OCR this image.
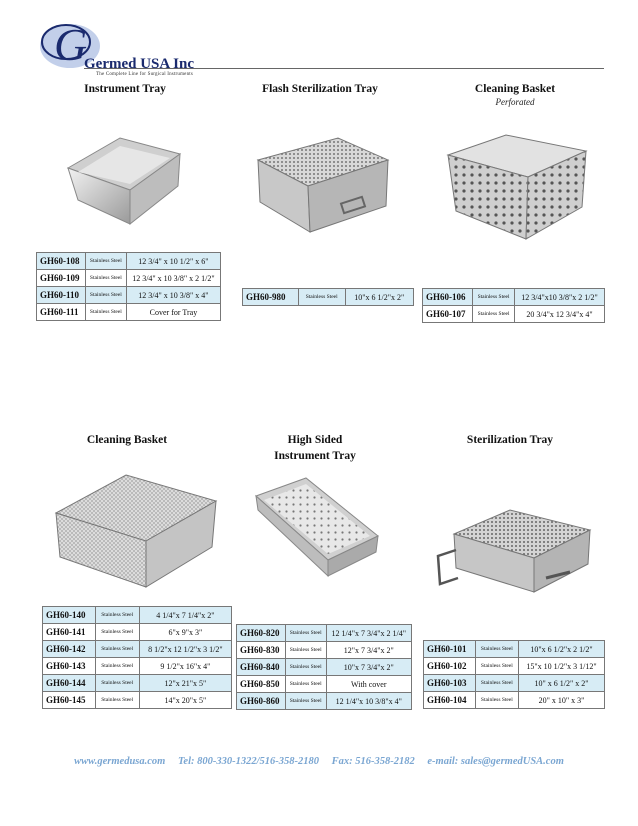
G
Germed USA Inc
The Complete Line for Surgical Instruments
Instrument Tray
GH60-108	Stainless Steel	12 3/4" x 10 1/2" x 6"
GH60-109	Stainless Steel	12 3/4" x 10 3/8" x 2 1/2"
GH60-110	Stainless Steel	12 3/4" x 10 3/8" x 4"
GH60-111	Stainless Steel	Cover for Tray
Flash Sterilization Tray
GH60-980	Stainless Steel	10"x 6 1/2"x 2"
Cleaning Basket
Perforated
GH60-106	Stainless Steel	12 3/4"x10 3/8"x 2 1/2"
GH60-107	Stainless Steel	20 3/4"x 12 3/4"x 4"
Cleaning Basket
GH60-140	Stainless Steel	4 1/4"x 7 1/4"x 2"
GH60-141	Stainless Steel	6"x 9"x 3"
GH60-142	Stainless Steel	8 1/2"x 12 1/2"x 3 1/2"
GH60-143	Stainless Steel	9 1/2"x 16"x 4"
GH60-144	Stainless Steel	12"x 21"x 5"
GH60-145	Stainless Steel	14"x 20"x 5"
High Sided
Instrument Tray
GH60-820	Stainless Steel	12 1/4"x 7 3/4"x 2 1/4"
GH60-830	Stainless Steel	12"x 7 3/4"x 2"
GH60-840	Stainless Steel	10"x 7 3/4"x 2"
GH60-850	Stainless Steel	With cover
GH60-860	Stainless Steel	12 1/4"x 10 3/8"x 4"
Sterilization Tray
GH60-101	Stainless Steel	10"x 6 1/2"x 2 1/2"
GH60-102	Stainless Steel	15"x 10 1/2"x 3 1/12"
GH60-103	Stainless Steel	10" x 6 1/2" x 2"
GH60-104	Stainless Steel	20" x 10" x 3"
www.germedusa.com Tel: 800-330-1322/516-358-2180 Fax: 516-358-2182 e-mail: sales@germedUSA.com
